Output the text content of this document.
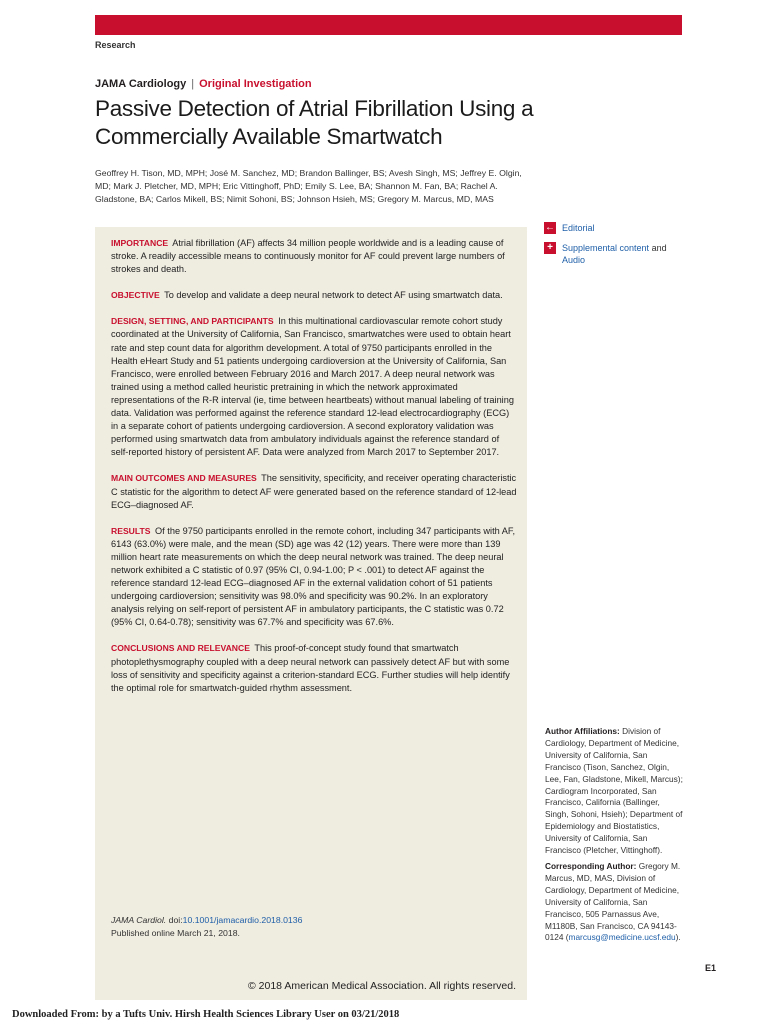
Research
JAMA Cardiology | Original Investigation
Passive Detection of Atrial Fibrillation Using a Commercially Available Smartwatch
Geoffrey H. Tison, MD, MPH; José M. Sanchez, MD; Brandon Ballinger, BS; Avesh Singh, MS; Jeffrey E. Olgin, MD; Mark J. Pletcher, MD, MPH; Eric Vittinghoff, PhD; Emily S. Lee, BA; Shannon M. Fan, BA; Rachel A. Gladstone, BA; Carlos Mikell, BS; Nimit Sohoni, BS; Johnson Hsieh, MS; Gregory M. Marcus, MD, MAS

IMPORTANCE Atrial fibrillation (AF) affects 34 million people worldwide and is a leading cause of stroke. A readily accessible means to continuously monitor for AF could prevent large numbers of strokes and death.

OBJECTIVE To develop and validate a deep neural network to detect AF using smartwatch data.

DESIGN, SETTING, AND PARTICIPANTS In this multinational cardiovascular remote cohort study coordinated at the University of California, San Francisco, smartwatches were used to obtain heart rate and step count data for algorithm development. A total of 9750 participants enrolled in the Health eHeart Study and 51 patients undergoing cardioversion at the University of California, San Francisco, were enrolled between February 2016 and March 2017. A deep neural network was trained using a method called heuristic pretraining in which the network approximated representations of the R-R interval (ie, time between heartbeats) without manual labeling of training data. Validation was performed against the reference standard 12-lead electrocardiography (ECG) in a separate cohort of patients undergoing cardioversion. A second exploratory validation was performed using smartwatch data from ambulatory individuals against the reference standard of self-reported history of persistent AF. Data were analyzed from March 2017 to September 2017.

MAIN OUTCOMES AND MEASURES The sensitivity, specificity, and receiver operating characteristic C statistic for the algorithm to detect AF were generated based on the reference standard of 12-lead ECG–diagnosed AF.

RESULTS Of the 9750 participants enrolled in the remote cohort, including 347 participants with AF, 6143 (63.0%) were male, and the mean (SD) age was 42 (12) years. There were more than 139 million heart rate measurements on which the deep neural network was trained. The deep neural network exhibited a C statistic of 0.97 (95% CI, 0.94-1.00; P < .001) to detect AF against the reference standard 12-lead ECG–diagnosed AF in the external validation cohort of 51 patients undergoing cardioversion; sensitivity was 98.0% and specificity was 90.2%. In an exploratory analysis relying on self-report of persistent AF in ambulatory participants, the C statistic was 0.72 (95% CI, 0.64-0.78); sensitivity was 67.7% and specificity was 67.6%.

CONCLUSIONS AND RELEVANCE This proof-of-concept study found that smartwatch photoplethysmography coupled with a deep neural network can passively detect AF but with some loss of sensitivity and specificity against a criterion-standard ECG. Further studies will help identify the optimal role for smartwatch-guided rhythm assessment.

JAMA Cardiol. doi:10.1001/jamacardio.2018.0136
Published online March 21, 2018.
© 2018 American Medical Association. All rights reserved.
← Editorial
+	Supplemental content and
Audio

Author Affiliations: Division of Cardiology, Department of Medicine, University of California, San Francisco (Tison, Sanchez, Olgin, Lee, Fan, Gladstone, Mikell, Marcus); Cardiogram Incorporated, San Francisco, California (Ballinger, Singh, Sohoni, Hsieh); Department of Epidemiology and Biostatistics, University of California, San Francisco (Pletcher, Vittinghoff).

Corresponding Author: Gregory M. Marcus, MD, MAS, Division of Cardiology, Department of Medicine, University of California, San Francisco, 505 Parnassus Ave, M1180B, San Francisco, CA 94143-0124 (marcusg@medicine.ucsf.edu).

E1
Downloaded From: by a Tufts Univ. Hirsh Health Sciences Library User on 03/21/2018
